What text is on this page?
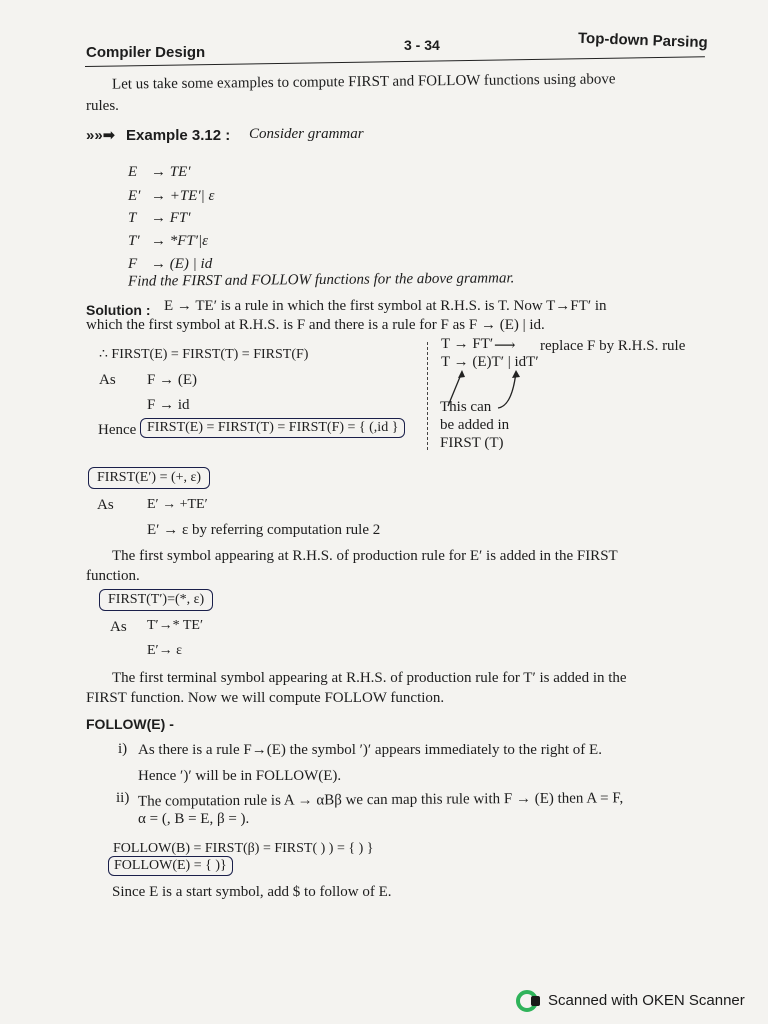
Compiler Design	3 - 34	Top-down Parsing
Let us take some examples to compute FIRST and FOLLOW functions using above
rules.
»»➡ Example 3.12 : Consider grammar
E → TE′
E′ → +TE′| ε
T → FT′
T′ → *FT′|ε
F → (E) | id
Find the FIRST and FOLLOW functions for the above grammar.
Solution : E → TE′ is a rule in which the first symbol at R.H.S. is T. Now T→FT′ in
which the first symbol at R.H.S. is F and there is a rule for F as F → (E) | id.
∴ FIRST(E) = FIRST(T) = FIRST(F)
As F → (E)
F → id
Hence FIRST(E) = FIRST(T) = FIRST(F) = { (,id }
T → FT′ ⟶ replace F by R.H.S. rule
T → (E)T′ | idT′
This can
be added in
FIRST (T)
FIRST(E′) = (+, ε)
As E′ → +TE′
E′ → ε by referring computation rule 2
The first symbol appearing at R.H.S. of production rule for E′ is added in the FIRST
function.
FIRST(T′)=(*, ε)
As T′→* TE′
E′→ ε
The first terminal symbol appearing at R.H.S. of production rule for T′ is added in the
FIRST function. Now we will compute FOLLOW function.
FOLLOW(E) -
i) As there is a rule F→(E) the symbol ′)′ appears immediately to the right of E.
Hence ′)′ will be in FOLLOW(E).
ii) The computation rule is A → αBβ we can map this rule with F → (E) then A = F,
α = (, B = E, β = ).
FOLLOW(B) = FIRST(β) = FIRST( ) ) = { ) }
FOLLOW(E) = { )}
Since E is a start symbol, add $ to follow of E.
Scanned with OKEN Scanner
